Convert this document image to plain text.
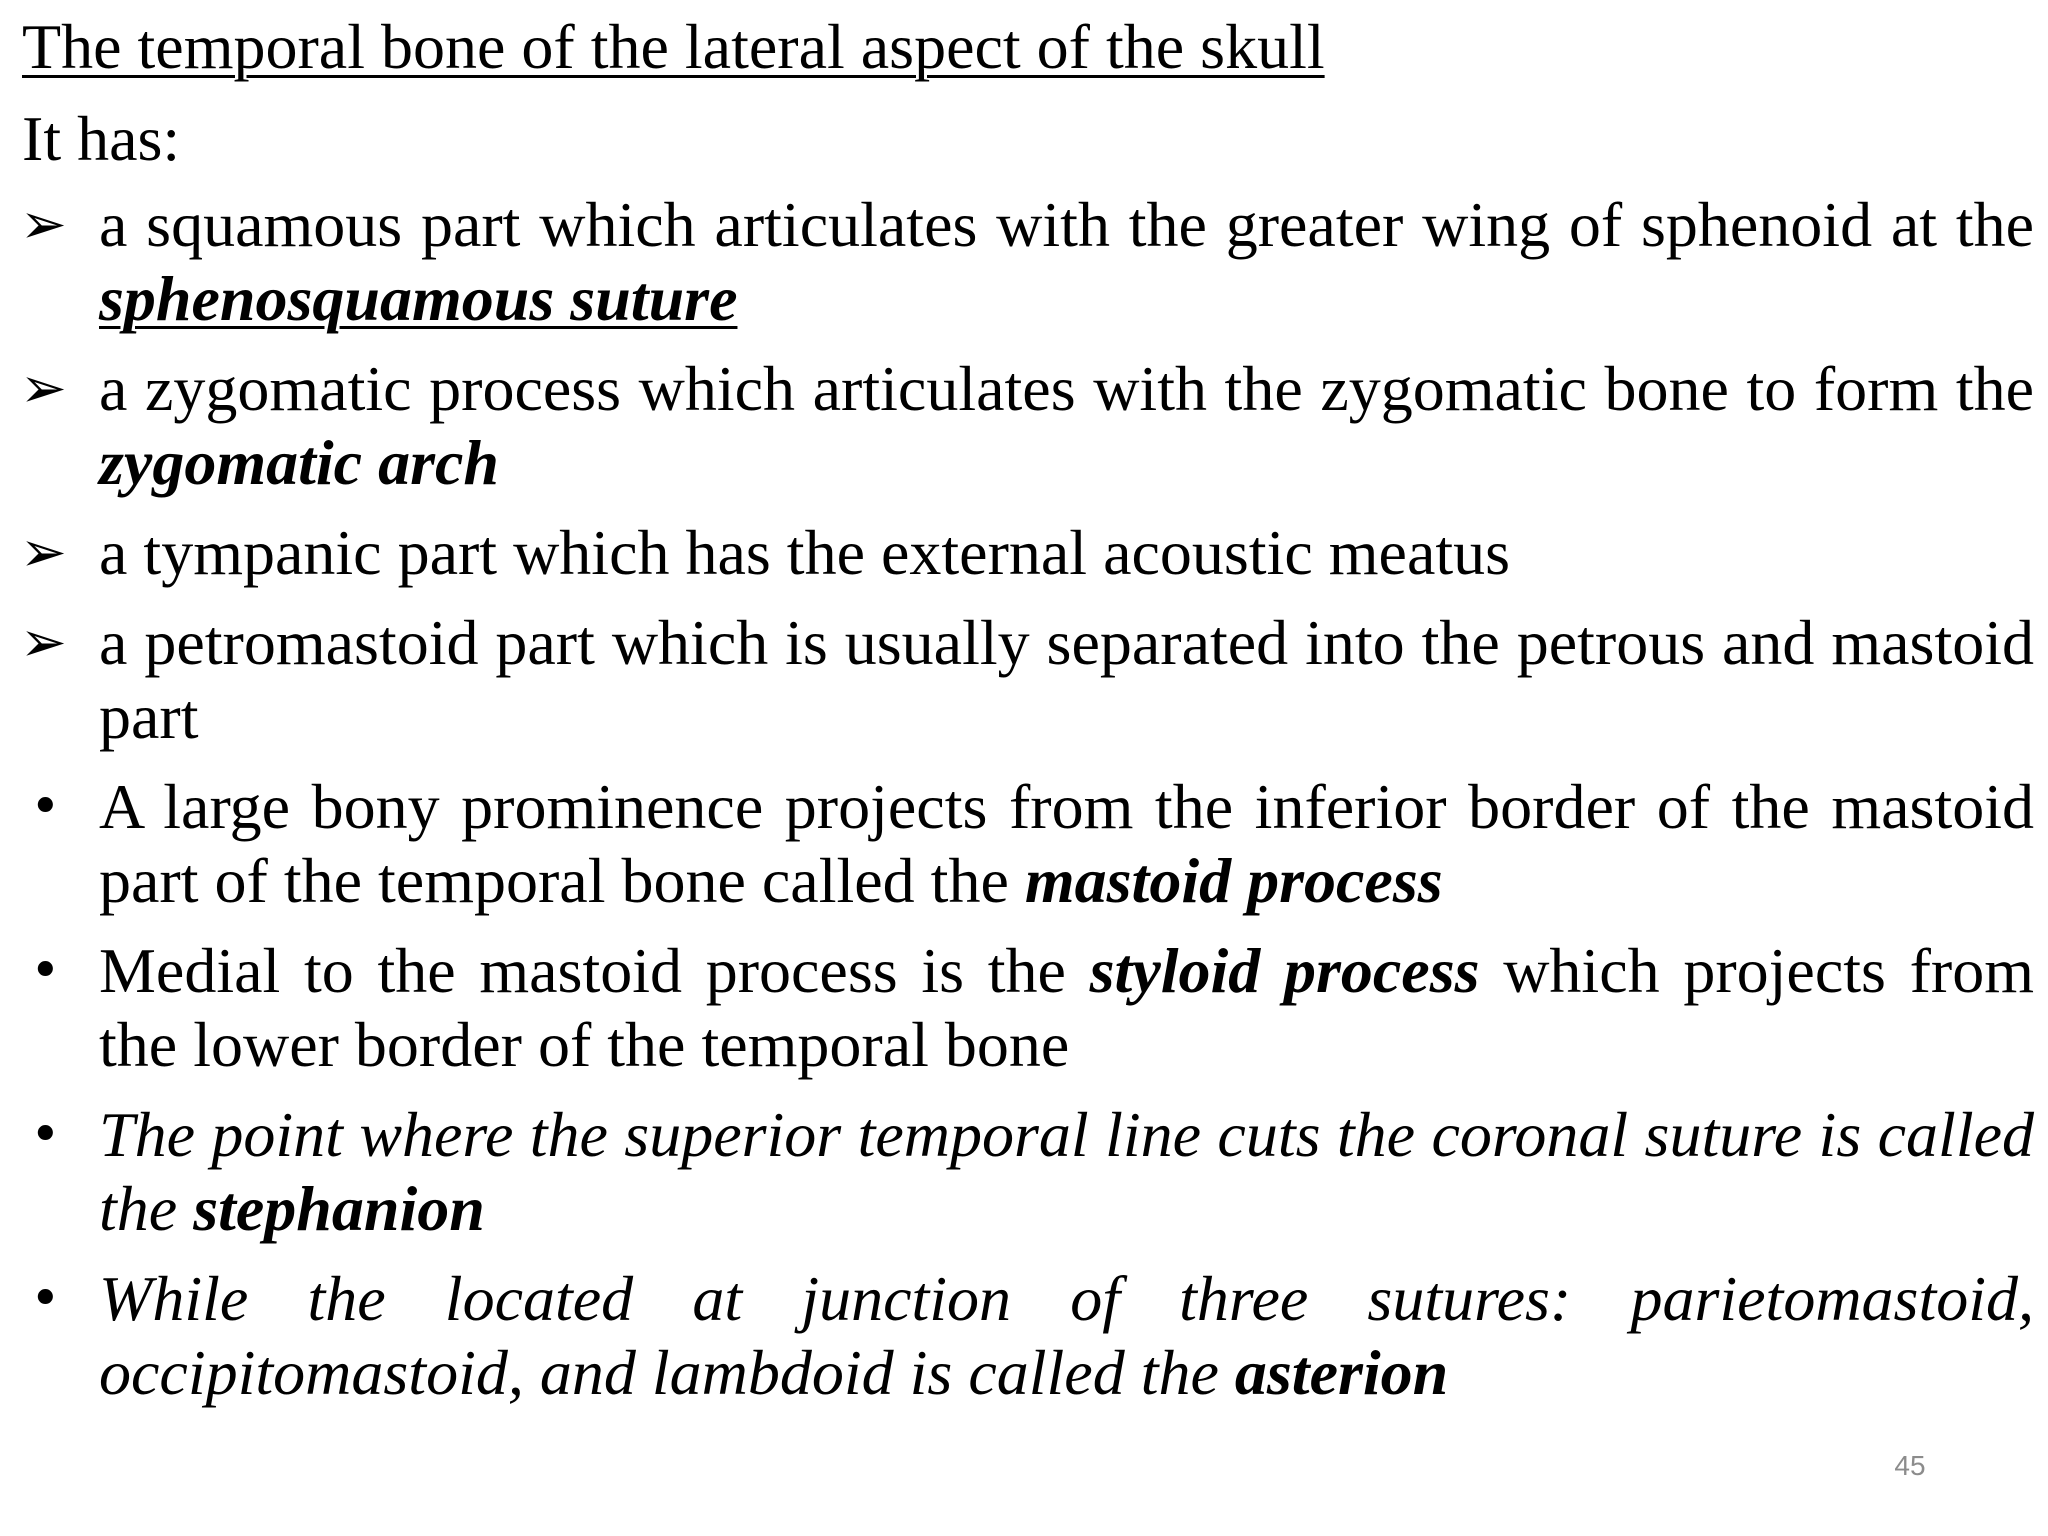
The temporal bone of the lateral aspect of the skull
It has:
➢ a squamous part which articulates with the greater wing of sphenoid at the sphenosquamous suture
➢ a zygomatic process which articulates with the zygomatic bone to form the zygomatic arch
➢ a tympanic part which has the external acoustic meatus
➢ a petromastoid part which is usually separated into the petrous and mastoid part
• A large bony prominence projects from the inferior border of the mastoid part of the temporal bone called the mastoid process
• Medial to the mastoid process is the styloid process which projects from the lower border of the temporal bone
• The point where the superior temporal line cuts the coronal suture is called the stephanion
• While the located at junction of three sutures: parietomastoid, occipitomastoid, and lambdoid is called the asterion
45
